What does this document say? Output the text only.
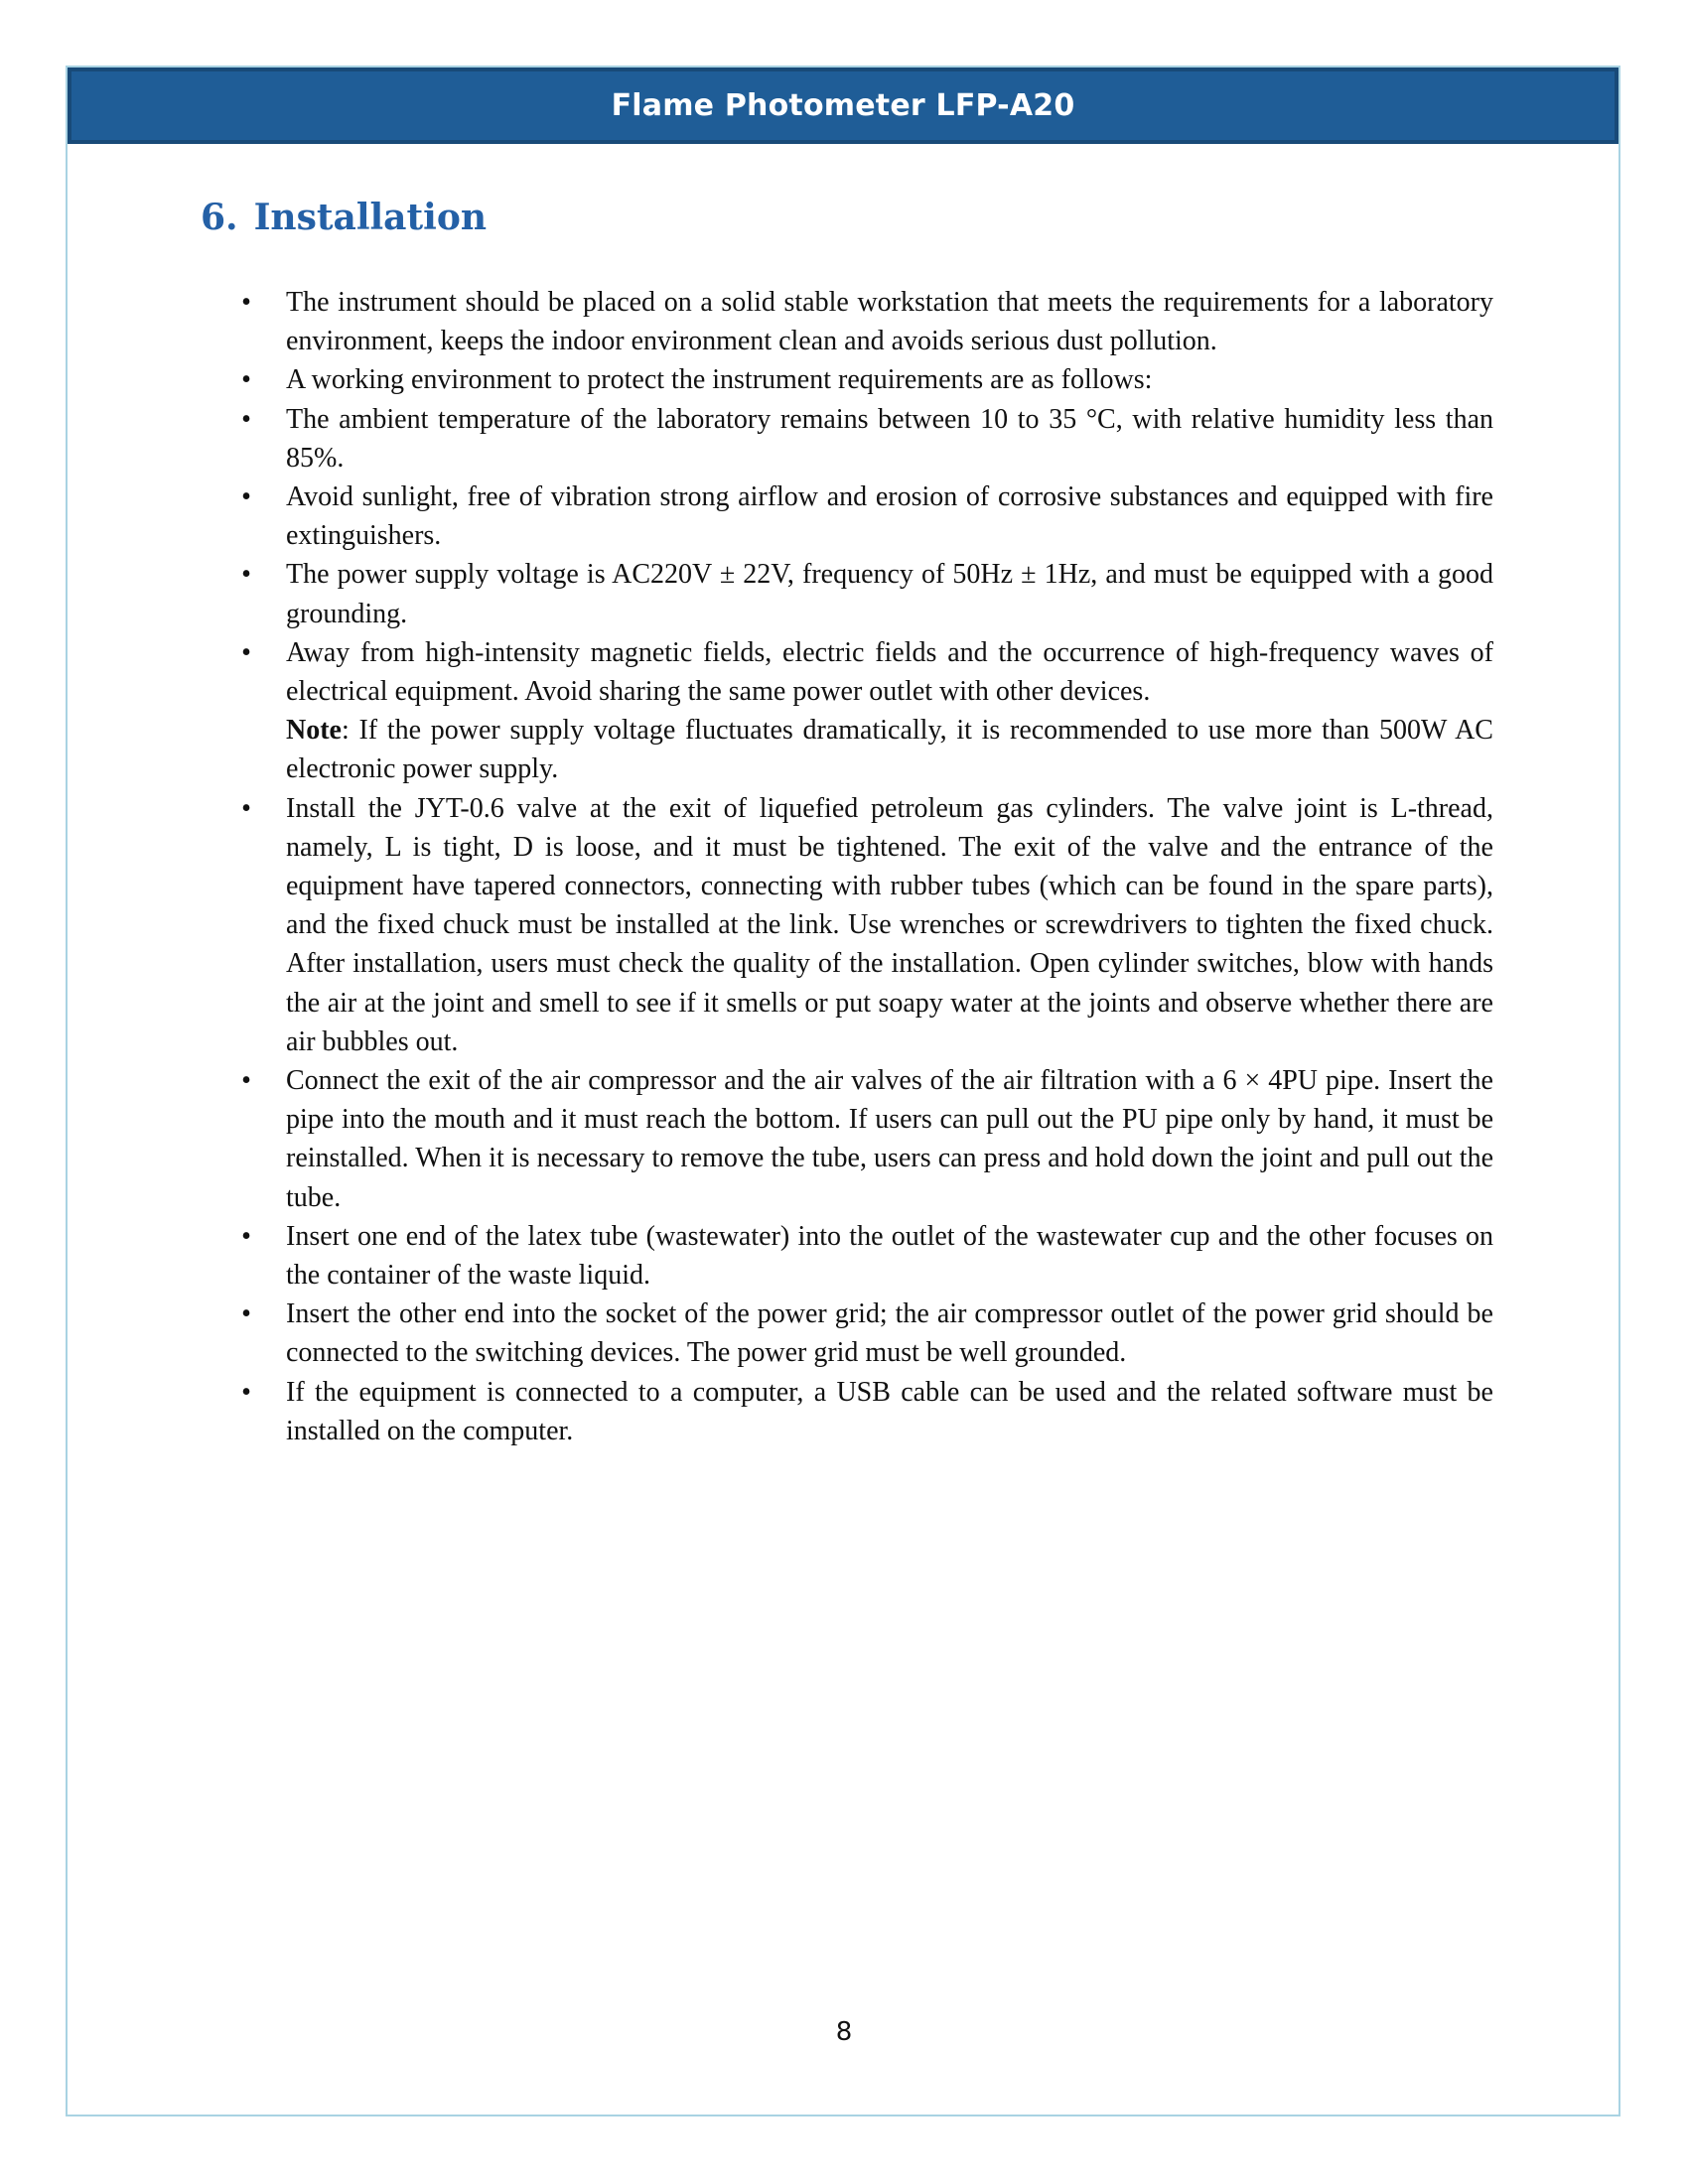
Flame Photometer LFP-A20
6. Installation
• The instrument should be placed on a solid stable workstation that meets the requirements for a laboratory environment, keeps the indoor environment clean and avoids serious dust pollution.
• A working environment to protect the instrument requirements are as follows:
• The ambient temperature of the laboratory remains between 10 to 35 °C, with relative humidity less than 85%.
• Avoid sunlight, free of vibration strong airflow and erosion of corrosive substances and equipped with fire extinguishers.
• The power supply voltage is AC220V ± 22V, frequency of 50Hz ± 1Hz, and must be equipped with a good grounding.
• Away from high-intensity magnetic fields, electric fields and the occurrence of high-frequency waves of electrical equipment. Avoid sharing the same power outlet with other devices.
Note: If the power supply voltage fluctuates dramatically, it is recommended to use more than 500W AC electronic power supply.
• Install the JYT-0.6 valve at the exit of liquefied petroleum gas cylinders. The valve joint is L-thread, namely, L is tight, D is loose, and it must be tightened. The exit of the valve and the entrance of the equipment have tapered connectors, connecting with rubber tubes (which can be found in the spare parts), and the fixed chuck must be installed at the link. Use wrenches or screwdrivers to tighten the fixed chuck. After installation, users must check the quality of the installation. Open cylinder switches, blow with hands the air at the joint and smell to see if it smells or put soapy water at the joints and observe whether there are air bubbles out.
• Connect the exit of the air compressor and the air valves of the air filtration with a 6 × 4PU pipe. Insert the pipe into the mouth and it must reach the bottom. If users can pull out the PU pipe only by hand, it must be reinstalled. When it is necessary to remove the tube, users can press and hold down the joint and pull out the tube.
• Insert one end of the latex tube (wastewater) into the outlet of the wastewater cup and the other focuses on the container of the waste liquid.
• Insert the other end into the socket of the power grid; the air compressor outlet of the power grid should be connected to the switching devices. The power grid must be well grounded.
• If the equipment is connected to a computer, a USB cable can be used and the related software must be installed on the computer.
8
